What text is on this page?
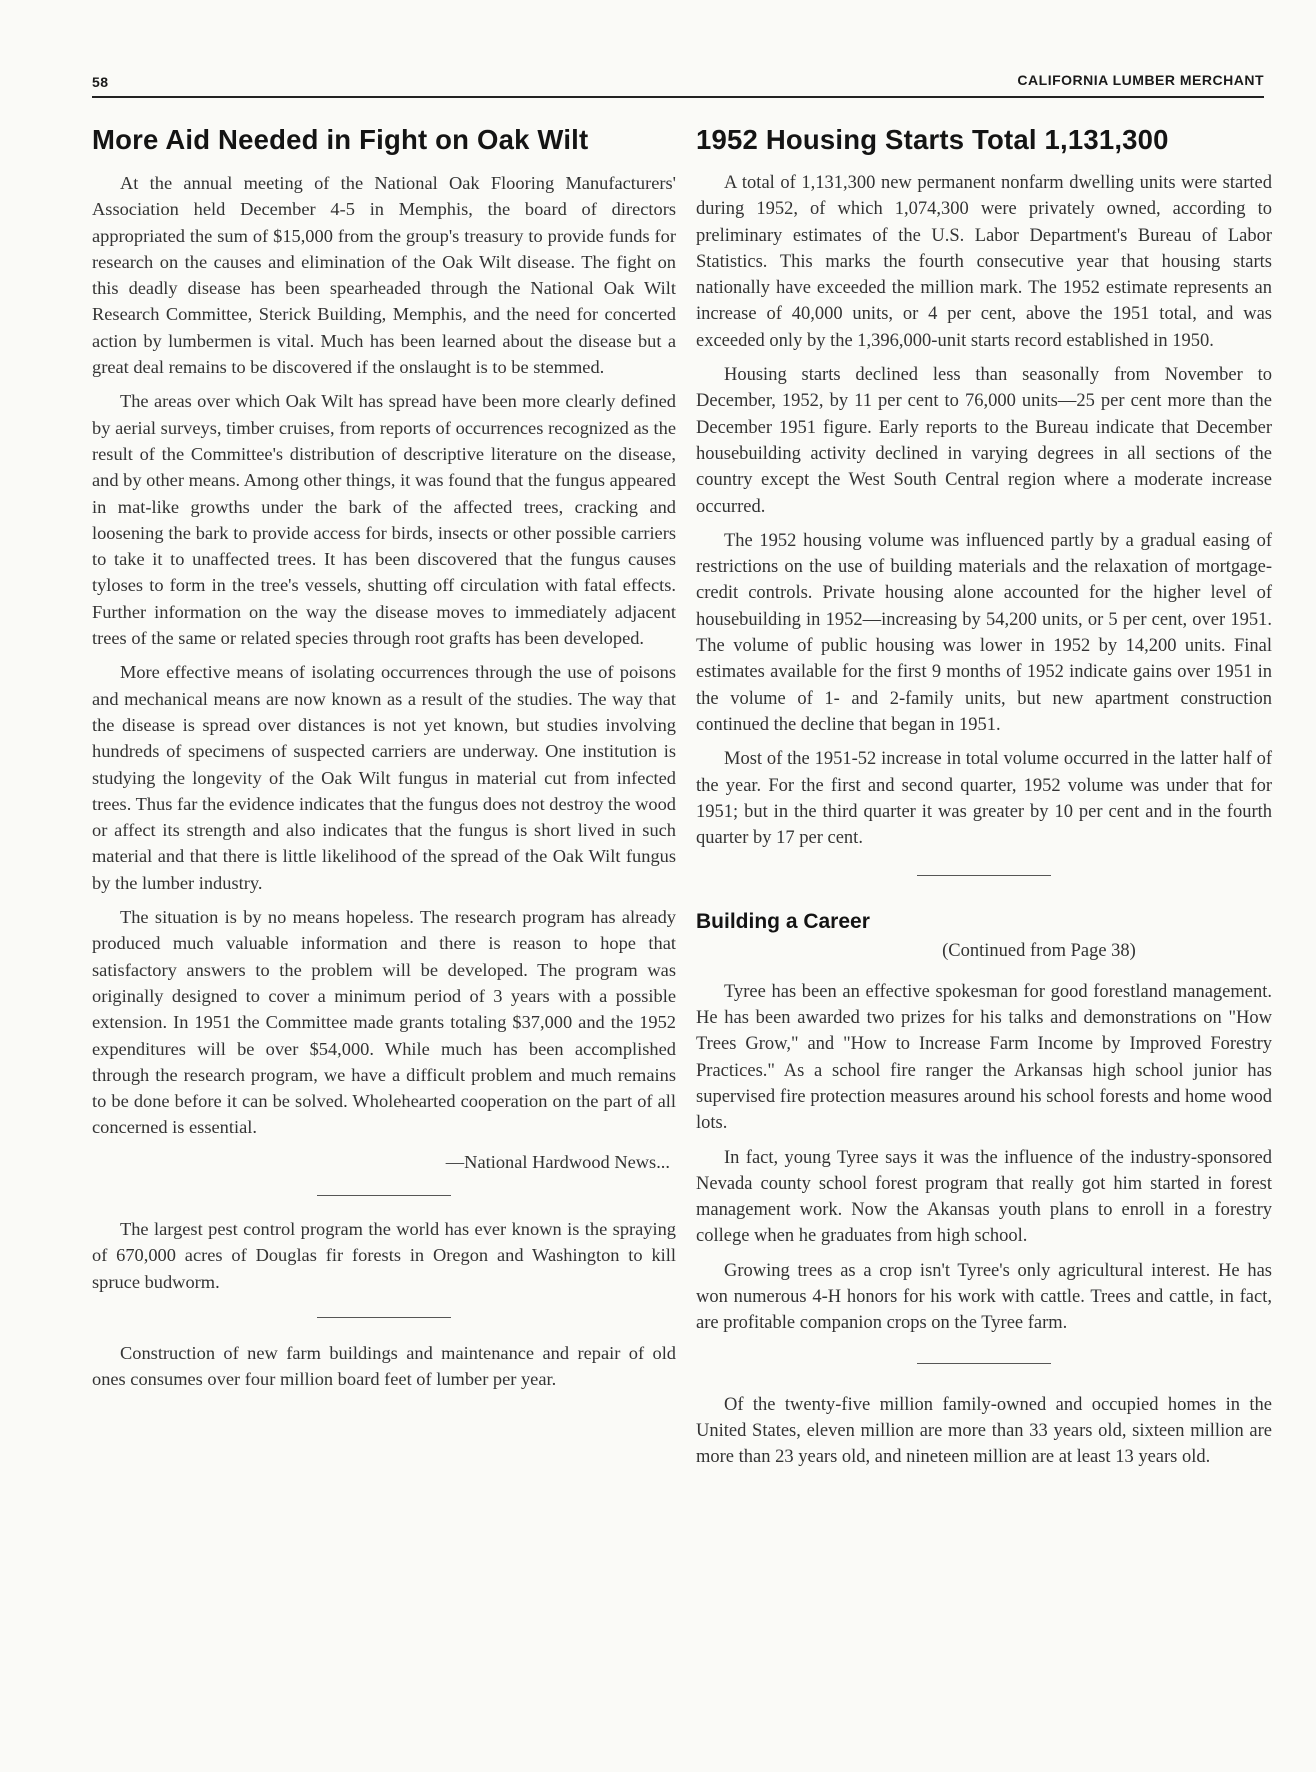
58	CALIFORNIA LUMBER MERCHANT
More Aid Needed in Fight on Oak Wilt

At the annual meeting of the National Oak Flooring Manufacturers' Association held December 4-5 in Memphis, the board of directors appropriated the sum of $15,000 from the group's treasury to provide funds for research on the causes and elimination of the Oak Wilt disease. The fight on this deadly disease has been spearheaded through the National Oak Wilt Research Committee, Sterick Building, Memphis, and the need for concerted action by lumbermen is vital. Much has been learned about the disease but a great deal remains to be discovered if the onslaught is to be stemmed.

The areas over which Oak Wilt has spread have been more clearly defined by aerial surveys, timber cruises, from reports of occurrences recognized as the result of the Committee's distribution of descriptive literature on the disease, and by other means. Among other things, it was found that the fungus appeared in mat-like growths under the bark of the affected trees, cracking and loosening the bark to provide access for birds, insects or other possible carriers to take it to unaffected trees. It has been discovered that the fungus causes tyloses to form in the tree's vessels, shutting off circulation with fatal effects. Further information on the way the disease moves to immediately adjacent trees of the same or related species through root grafts has been developed.

More effective means of isolating occurrences through the use of poisons and mechanical means are now known as a result of the studies. The way that the disease is spread over distances is not yet known, but studies involving hundreds of specimens of suspected carriers are underway. One institution is studying the longevity of the Oak Wilt fungus in material cut from infected trees. Thus far the evidence indicates that the fungus does not destroy the wood or affect its strength and also indicates that the fungus is short lived in such material and that there is little likelihood of the spread of the Oak Wilt fungus by the lumber industry.

The situation is by no means hopeless. The research program has already produced much valuable information and there is reason to hope that satisfactory answers to the problem will be developed. The program was originally designed to cover a minimum period of 3 years with a possible extension. In 1951 the Committee made grants totaling $37,000 and the 1952 expenditures will be over $54,000. While much has been accomplished through the research program, we have a difficult problem and much remains to be done before it can be solved. Wholehearted cooperation on the part of all concerned is essential.

—National Hardwood News...

The largest pest control program the world has ever known is the spraying of 670,000 acres of Douglas fir forests in Oregon and Washington to kill spruce budworm.

Construction of new farm buildings and maintenance and repair of old ones consumes over four million board feet of lumber per year.

1952 Housing Starts Total 1,131,300

A total of 1,131,300 new permanent nonfarm dwelling units were started during 1952, of which 1,074,300 were privately owned, according to preliminary estimates of the U.S. Labor Department's Bureau of Labor Statistics. This marks the fourth consecutive year that housing starts nationally have exceeded the million mark. The 1952 estimate represents an increase of 40,000 units, or 4 per cent, above the 1951 total, and was exceeded only by the 1,396,000-unit starts record established in 1950.

Housing starts declined less than seasonally from November to December, 1952, by 11 per cent to 76,000 units—25 per cent more than the December 1951 figure. Early reports to the Bureau indicate that December housebuilding activity declined in varying degrees in all sections of the country except the West South Central region where a moderate increase occurred.

The 1952 housing volume was influenced partly by a gradual easing of restrictions on the use of building materials and the relaxation of mortgage-credit controls. Private housing alone accounted for the higher level of housebuilding in 1952—increasing by 54,200 units, or 5 per cent, over 1951. The volume of public housing was lower in 1952 by 14,200 units. Final estimates available for the first 9 months of 1952 indicate gains over 1951 in the volume of 1- and 2-family units, but new apartment construction continued the decline that began in 1951.

Most of the 1951-52 increase in total volume occurred in the latter half of the year. For the first and second quarter, 1952 volume was under that for 1951; but in the third quarter it was greater by 10 per cent and in the fourth quarter by 17 per cent.

Building a Career

(Continued from Page 38)

Tyree has been an effective spokesman for good forestland management. He has been awarded two prizes for his talks and demonstrations on "How Trees Grow," and "How to Increase Farm Income by Improved Forestry Practices." As a school fire ranger the Arkansas high school junior has supervised fire protection measures around his school forests and home wood lots.

In fact, young Tyree says it was the influence of the industry-sponsored Nevada county school forest program that really got him started in forest management work. Now the Akansas youth plans to enroll in a forestry college when he graduates from high school.

Growing trees as a crop isn't Tyree's only agricultural interest. He has won numerous 4-H honors for his work with cattle. Trees and cattle, in fact, are profitable companion crops on the Tyree farm.

Of the twenty-five million family-owned and occupied homes in the United States, eleven million are more than 33 years old, sixteen million are more than 23 years old, and nineteen million are at least 13 years old.
